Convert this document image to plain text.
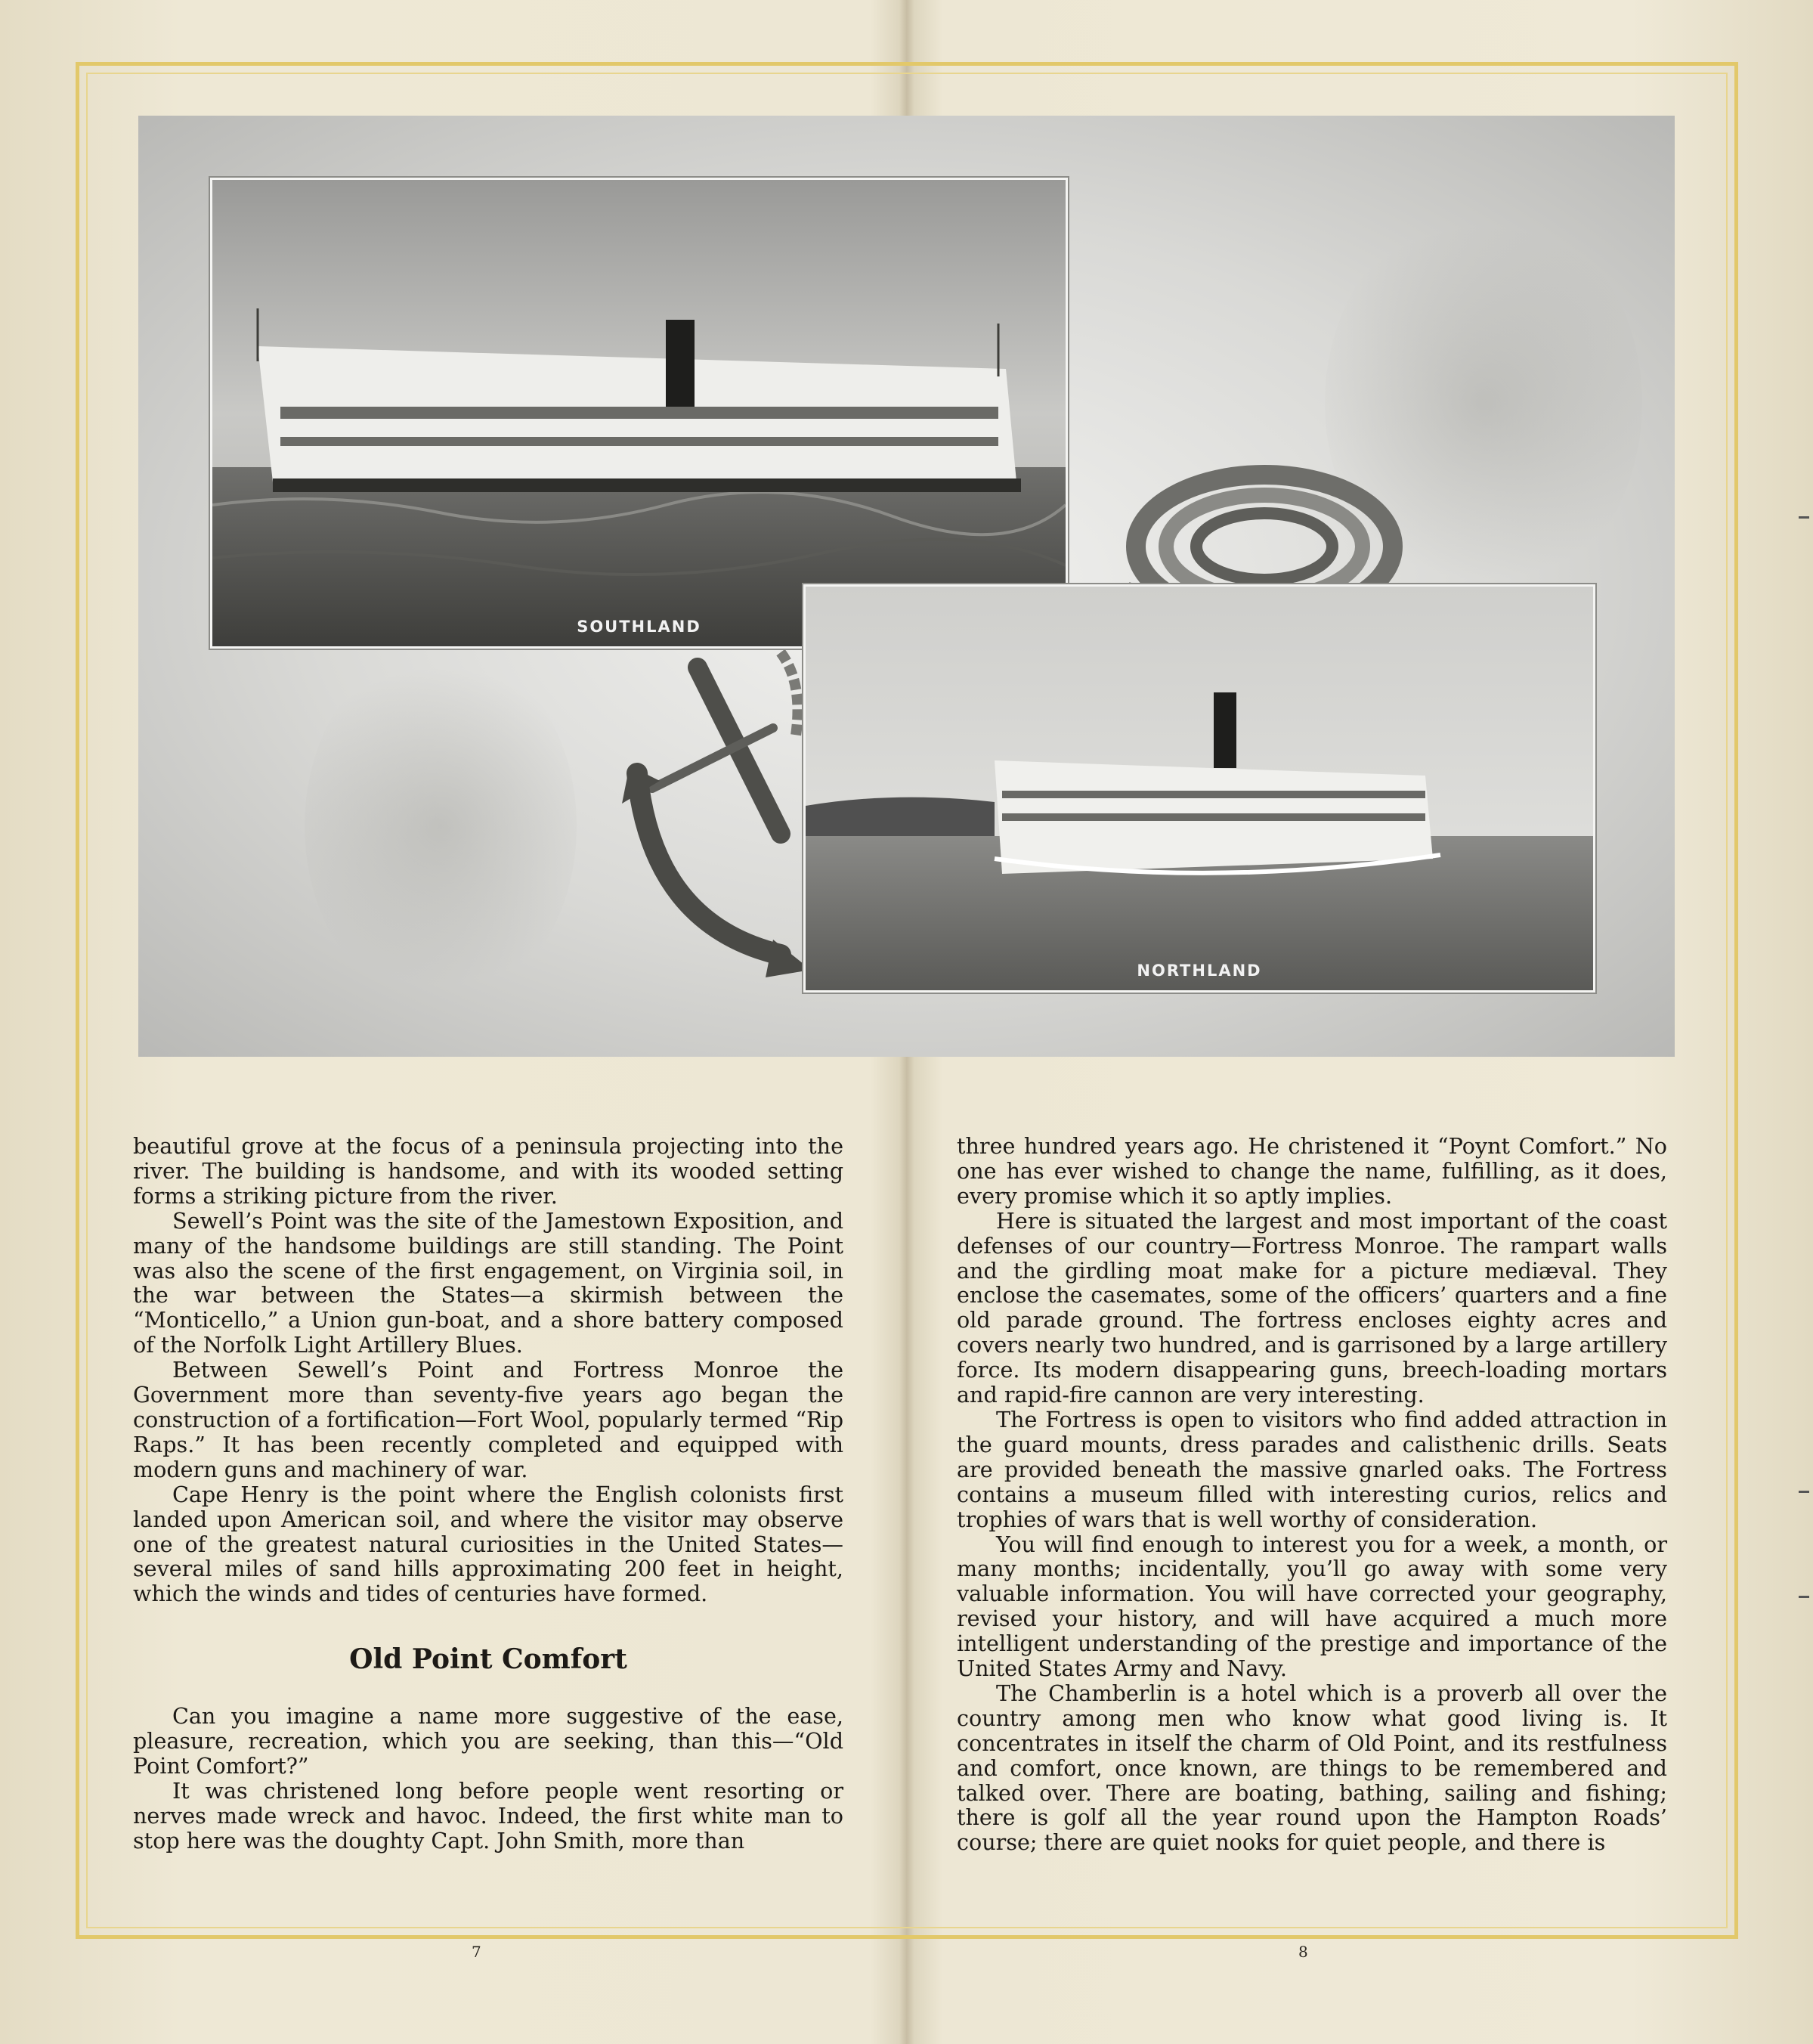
SOUTHLAND
NORTHLAND

beautiful grove at the focus of a peninsula projecting into the river. The building is handsome, and with its wooded setting forms a striking picture from the river.

Sewell’s Point was the site of the Jamestown Exposition, and many of the handsome buildings are still standing. The Point was also the scene of the first engagement, on Virginia soil, in the war between the States—a skirmish between the “Monticello,” a Union gun-boat, and a shore battery composed of the Norfolk Light Artillery Blues.

Between Sewell’s Point and Fortress Monroe the Government more than seventy-five years ago began the construction of a fortification—Fort Wool, popularly termed “Rip Raps.” It has been recently completed and equipped with modern guns and machinery of war.

Cape Henry is the point where the English colonists first landed upon American soil, and where the visitor may observe one of the greatest natural curiosities in the United States—several miles of sand hills approximating 200 feet in height, which the winds and tides of centuries have formed.

Old Point Comfort

Can you imagine a name more suggestive of the ease, pleasure, recreation, which you are seeking, than this—“Old Point Comfort?”

It was christened long before people went resorting or nerves made wreck and havoc. Indeed, the first white man to stop here was the doughty Capt. John Smith, more than

three hundred years ago. He christened it “Poynt Comfort.” No one has ever wished to change the name, fulfilling, as it does, every promise which it so aptly implies.

Here is situated the largest and most important of the coast defenses of our country—Fortress Monroe. The rampart walls and the girdling moat make for a picture mediæval. They enclose the casemates, some of the officers’ quarters and a fine old parade ground. The fortress encloses eighty acres and covers nearly two hundred, and is garrisoned by a large artillery force. Its modern disappearing guns, breech-loading mortars and rapid-fire cannon are very interesting.

The Fortress is open to visitors who find added attraction in the guard mounts, dress parades and calisthenic drills. Seats are provided beneath the massive gnarled oaks. The Fortress contains a museum filled with interesting curios, relics and trophies of wars that is well worthy of consideration.

You will find enough to interest you for a week, a month, or many months; incidentally, you’ll go away with some very valuable information. You will have corrected your geography, revised your history, and will have acquired a much more intelligent understanding of the prestige and importance of the United States Army and Navy.

The Chamberlin is a hotel which is a proverb all over the country among men who know what good living is. It concentrates in itself the charm of Old Point, and its restfulness and comfort, once known, are things to be remembered and talked over. There are boating, bathing, sailing and fishing; there is golf all the year round upon the Hampton Roads’ course; there are quiet nooks for quiet people, and there is

7	8
